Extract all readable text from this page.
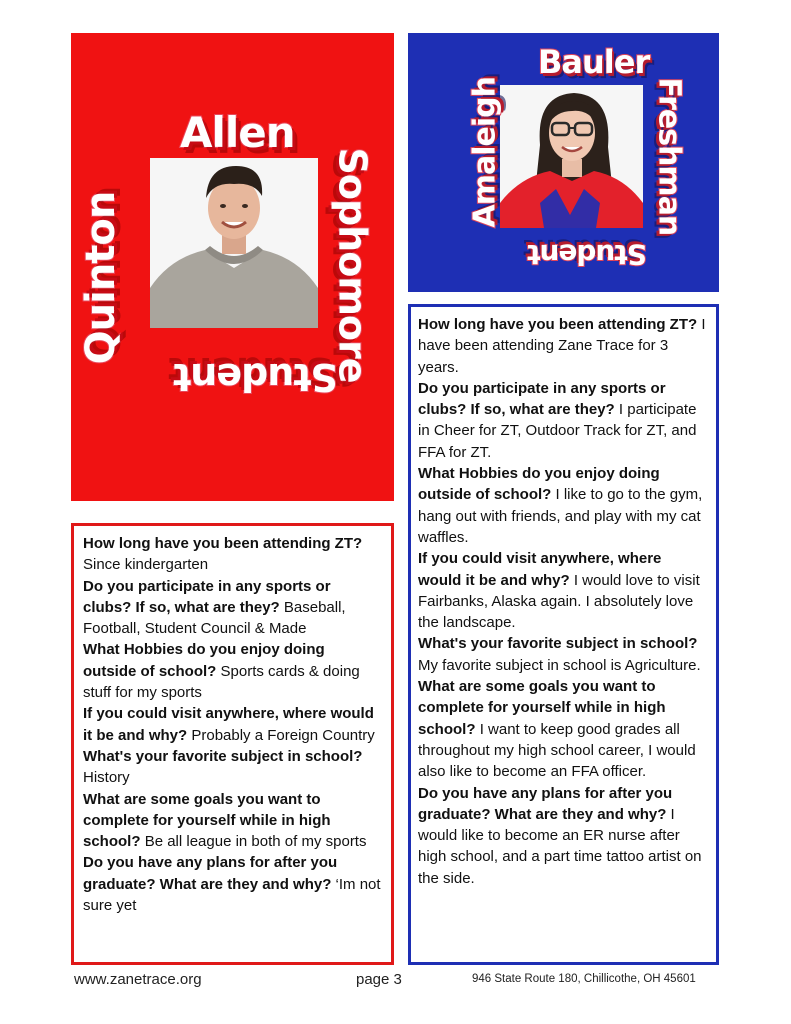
Allen
Quinton	Sophomore
Student
Bauler
Amaleigh	Freshman
Student

How long have you been attending ZT? Since kindergarten

Do you participate in any sports or clubs? If so, what are they? Baseball, Football, Student Council & Made

What Hobbies do you enjoy doing outside of school? Sports cards & doing stuff for my sports

If you could visit anywhere, where would it be and why? Probably a Foreign Country

What's your favorite subject in school? History

What are some goals you want to complete for yourself while in high school? Be all league in both of my sports

Do you have any plans for after you graduate? What are they and why? ‘Im not sure yet

How long have you been attending ZT? I have been attending Zane Trace for 3 years.

Do you participate in any sports or clubs? If so, what are they? I participate in Cheer for ZT, Outdoor Track for ZT, and FFA for ZT.

What Hobbies do you enjoy doing outside of school? I like to go to the gym, hang out with friends, and play with my cat waffles.

If you could visit anywhere, where would it be and why? I would love to visit Fairbanks, Alaska again. I absolutely love the landscape.

What's your favorite subject in school? My favorite subject in school is Agriculture.

What are some goals you want to complete for yourself while in high school? I want to keep good grades all throughout my high school career, I would also like to become an FFA officer.

Do you have any plans for after you graduate? What are they and why? I would like to become an ER nurse after high school, and a part time tattoo artist on the side.

www.zanetrace.org	page 3	946 State Route 180, Chillicothe, OH 45601
